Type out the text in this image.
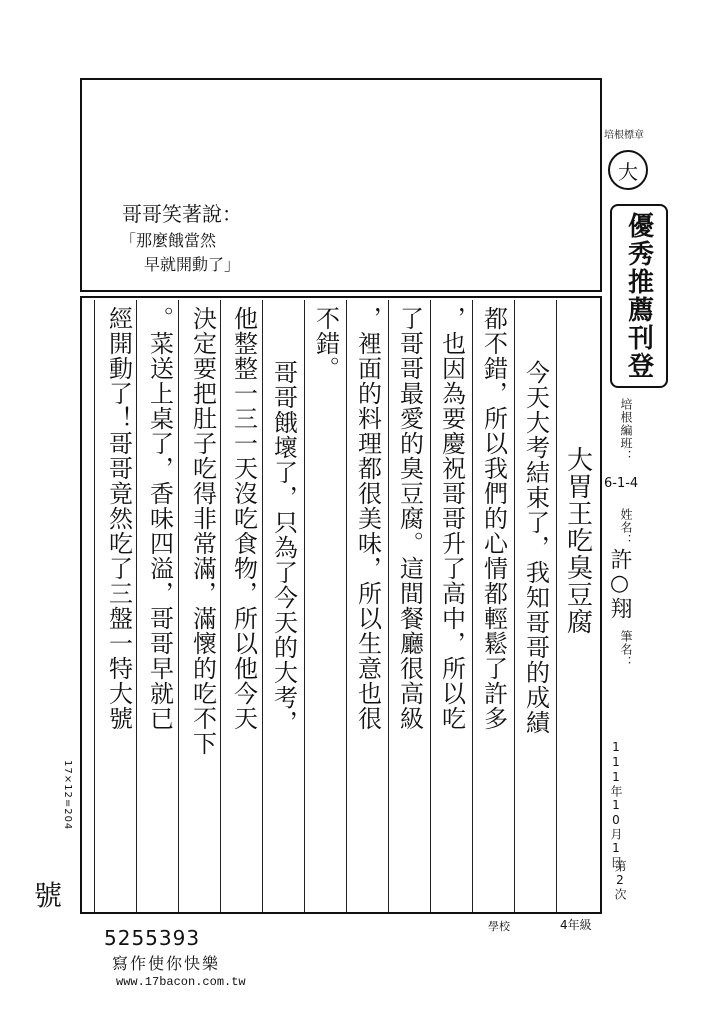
哥哥笑著說：
「那麼餓當然
早就開動了」
大胃王吃臭豆腐
今天大考結束了，我知哥哥的成績
都不錯，所以我們的心情都輕鬆了許多
，也因為要慶祝哥哥升了高中，所以吃
了哥哥最愛的臭豆腐。這間餐廳很高級
，裡面的料理都很美味，所以生意也很
不錯。
哥哥餓壞了，只為了今天的大考，
他整整一三一天沒吃食物，所以他今天
決定要把肚子吃得非常滿，滿懷的吃不下
。菜送上桌了，香味四溢，哥哥早就已
經開動了！哥哥竟然吃了三盤一特大號
培根標章
大
優秀推薦刊登
培根編班：
6-1-4
姓名：
許○翔
筆名：
111年10月1日
第2次
17×12=204
號
學校	4年級
5255393
寫作使你快樂
www.17bacon.com.tw
